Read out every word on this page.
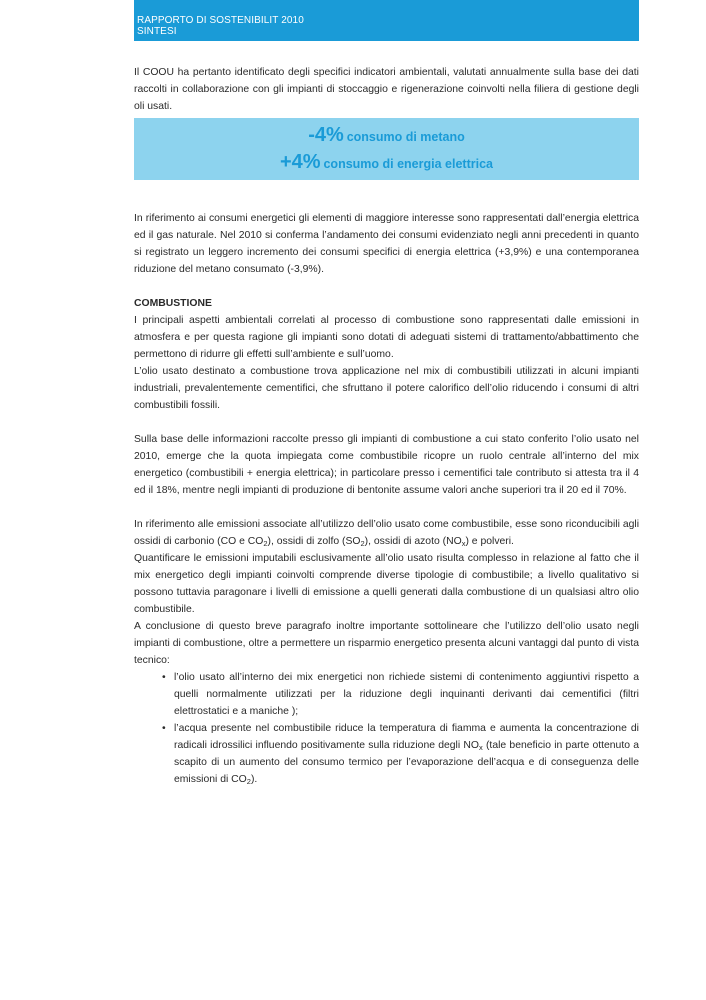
RAPPORTO DI SOSTENIBILIT 2010
SINTESI

Il COOU ha pertanto identificato degli specifici indicatori ambientali, valutati annualmente sulla base dei dati raccolti in collaborazione con gli impianti di stoccaggio e rigenerazione coinvolti nella filiera di gestione degli oli usati.

-4% consumo di metano
+4% consumo di energia elettrica

In riferimento ai consumi energetici gli elementi di maggiore interesse sono rappresentati dall’energia elettrica ed il gas naturale. Nel 2010 si conferma l’andamento dei consumi evidenziato negli anni precedenti in quanto si registrato un leggero incremento dei consumi specifici di energia elettrica (+3,9%) e una contemporanea riduzione del metano consumato (-3,9%).

COMBUSTIONE

I principali aspetti ambientali correlati al processo di combustione sono rappresentati dalle emissioni in atmosfera e per questa ragione gli impianti sono dotati di adeguati sistemi di trattamento/abbattimento che permettono di ridurre gli effetti sull’ambiente e sull’uomo.

L’olio usato destinato a combustione trova applicazione nel mix di combustibili utilizzati in alcuni impianti industriali, prevalentemente cementifici, che sfruttano il potere calorifico dell’olio riducendo i consumi di altri combustibili fossili.

Sulla base delle informazioni raccolte presso gli impianti di combustione a cui stato conferito l’olio usato nel 2010, emerge che la quota impiegata come combustibile ricopre un ruolo centrale all’interno del mix energetico (combustibili + energia elettrica); in particolare presso i cementifici tale contributo si attesta tra il 4 ed il 18%, mentre negli impianti di produzione di bentonite assume valori anche superiori tra il 20 ed il 70%.

In riferimento alle emissioni associate all’utilizzo dell’olio usato come combustibile, esse sono riconducibili agli ossidi di carbonio (CO e $CO_2$), ossidi di zolfo $(SO_2)$, ossidi di azoto $(NO_x)$ e polveri.

Quantificare le emissioni imputabili esclusivamente all’olio usato risulta complesso in relazione al fatto che il mix energetico degli impianti coinvolti comprende diverse tipologie di combustibile; a livello qualitativo si possono tuttavia paragonare i livelli di emissione a quelli generati dalla combustione di un qualsiasi altro olio combustibile.

A conclusione di questo breve paragrafo inoltre importante sottolineare che l’utilizzo dell’olio usato negli impianti di combustione, oltre a permettere un risparmio energetico presenta alcuni vantaggi dal punto di vista tecnico:

• l’olio usato all’interno dei mix energetici non richiede sistemi di contenimento aggiuntivi rispetto a quelli normalmente utilizzati per la riduzione degli inquinanti derivanti dai cementifici (filtri elettrostatici e a maniche );
• l’acqua presente nel combustibile riduce la temperatura di fiamma e aumenta la concentrazione di radicali idrossilici influendo positivamente sulla riduzione degli $NO_x$ (tale beneficio in parte ottenuto a scapito di un aumento del consumo termico per l’evaporazione dell’acqua e di conseguenza delle emissioni di $CO_2$).
